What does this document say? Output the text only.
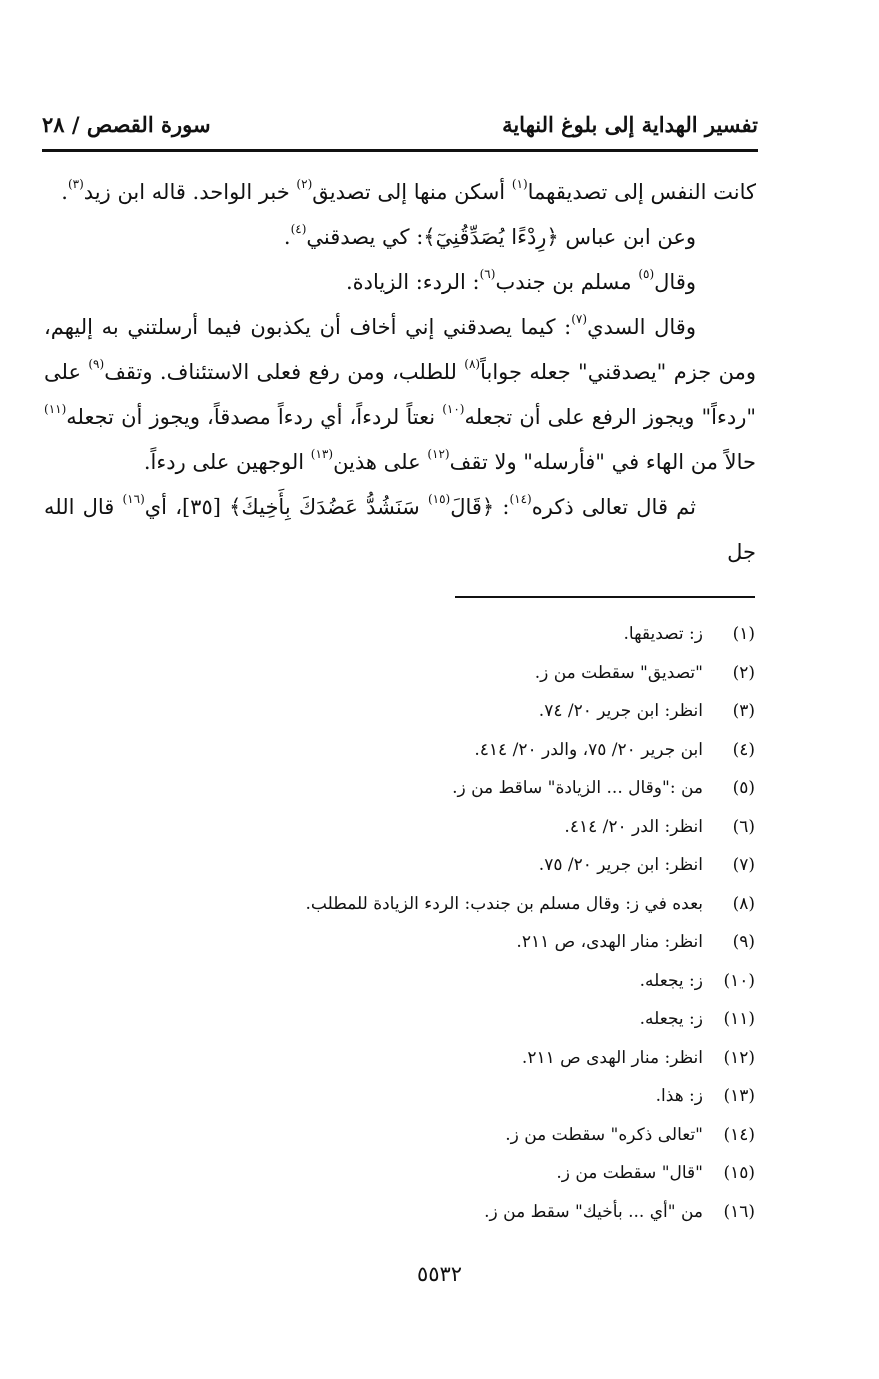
تفسير الهداية إلى بلوغ النهاية
سورة القصص / ٢٨

كانت النفس إلى تصديقهما$^{(١)}$ أسكن منها إلى تصديق$^{(٢)}$ خبر الواحد. قاله ابن زيد$^{(٣)}$.

وعن ابن عباس ﴿رِدْءًا يُصَدِّقُنِيٓ﴾: كي يصدقني$^{(٤)}$.

وقال$^{(٥)}$ مسلم بن جندب$^{(٦)}$: الردء: الزيادة.

وقال السدي$^{(٧)}$: كيما يصدقني إني أخاف أن يكذبون فيما أرسلتني به إليهم، ومن جزم "يصدقني" جعله جواباً$^{(٨)}$ للطلب، ومن رفع فعلى الاستئناف. وتقف$^{(٩)}$ على "ردءاً" ويجوز الرفع على أن تجعله$^{(١٠)}$ نعتاً لردءاً، أي ردءاً مصدقاً، ويجوز أن تجعله$^{(١١)}$ حالاً من الهاء في "فأرسله" ولا تقف$^{(١٢)}$ على هذين$^{(١٣)}$ الوجهين على ردءاً.

ثم قال تعالى ذكره$^{(١٤)}$: ﴿قَالَ$^{(١٥)}$ سَنَشُدُّ عَضُدَكَ بِأَخِيكَ﴾ [٣٥]، أي$^{(١٦)}$ قال الله جل

(١)ز: تصديقها.
(٢)"تصديق" سقطت من ز.
(٣)انظر: ابن جرير ٢٠/ ٧٤.
(٤)ابن جرير ٢٠/ ٧٥، والدر ٢٠/ ٤١٤.
(٥)من :"وقال ... الزيادة" ساقط من ز.
(٦)انظر: الدر ٢٠/ ٤١٤.
(٧)انظر: ابن جرير ٢٠/ ٧٥.
(٨)بعده في ز: وقال مسلم بن جندب: الردء الزيادة للمطلب.
(٩)انظر: منار الهدى، ص ٢١١.
(١٠)ز: يجعله.
(١١)ز: يجعله.
(١٢)انظر: منار الهدى ص ٢١١.
(١٣)ز: هذا.
(١٤)"تعالى ذكره" سقطت من ز.
(١٥)"قال" سقطت من ز.
(١٦)من "أي ... بأخيك" سقط من ز.
٥٥٣٢
